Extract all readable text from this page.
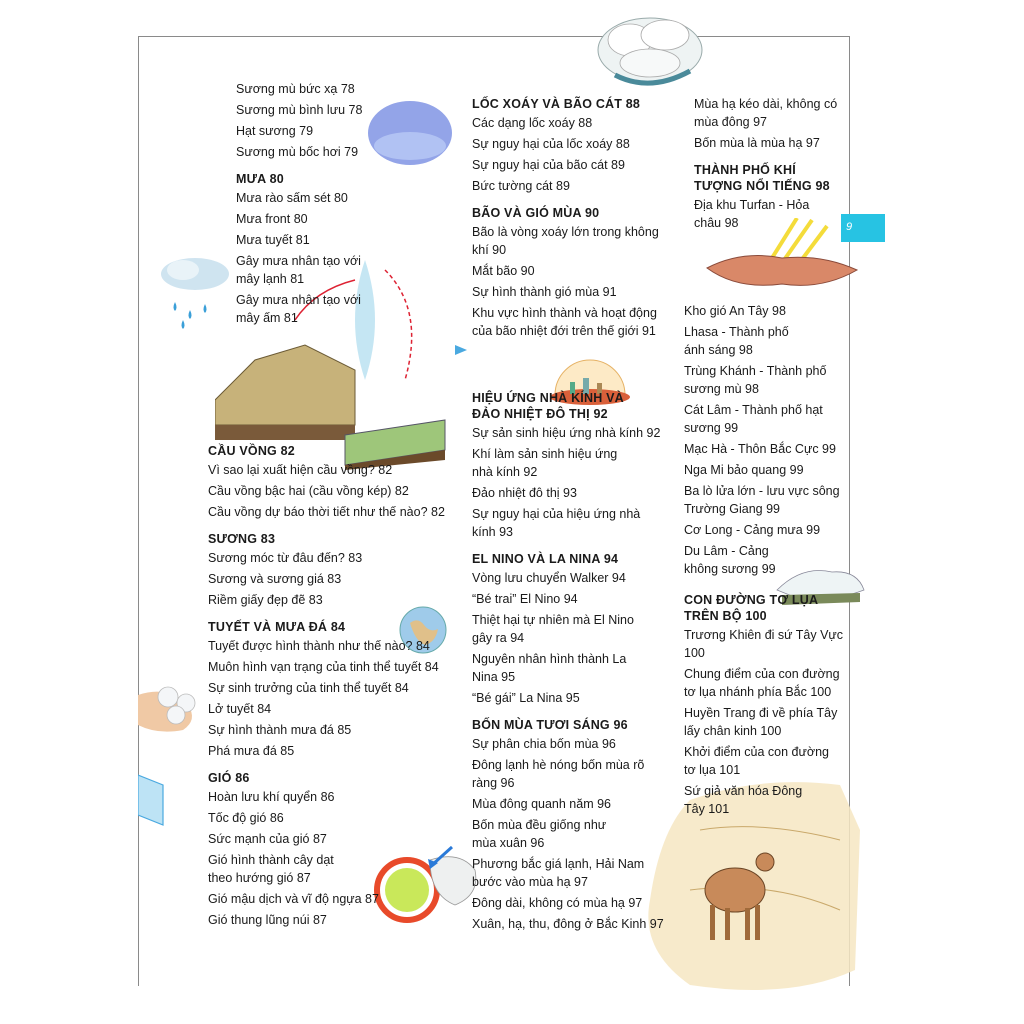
9
Sương mù bức xạ 78
Sương mù bình lưu 78
Hạt sương 79
Sương mù bốc hơi 79
MƯA 80
Mưa rào sấm sét 80
Mưa front 80
Mưa tuyết 81
Gây mưa nhân tạo với mây lạnh 81
Gây mưa nhân tạo với mây ấm 81
CẦU VỒNG 82
Vì sao lại xuất hiện cầu vồng? 82
Cầu vồng bậc hai (cầu vồng kép) 82
Cầu vồng dự báo thời tiết như thế nào? 82
SƯƠNG 83
Sương móc từ đâu đến? 83
Sương và sương giá 83
Riềm giấy đẹp đẽ 83
TUYẾT VÀ MƯA ĐÁ 84
Tuyết được hình thành như thế nào? 84
Muôn hình vạn trạng của tinh thể tuyết 84
Sự sinh trưởng của tinh thể tuyết 84
Lở tuyết 84
Sự hình thành mưa đá 85
Phá mưa đá 85
GIÓ 86
Hoàn lưu khí quyển 86
Tốc độ gió 86
Sức mạnh của gió 87
Gió hình thành cây dạt theo hướng gió 87
Gió mậu dịch và vĩ độ ngựa 87
Gió thung lũng núi 87
LỐC XOÁY VÀ BÃO CÁT 88
Các dạng lốc xoáy 88
Sự nguy hại của lốc xoáy 88
Sự nguy hại của bão cát 89
Bức tường cát 89
BÃO VÀ GIÓ MÙA 90
Bão là vòng xoáy lớn trong không khí 90
Mắt bão 90
Sự hình thành gió mùa 91
Khu vực hình thành và hoạt động của bão nhiệt đới trên thế giới 91
HIỆU ỨNG NHÀ KÍNH VÀ ĐẢO NHIỆT ĐÔ THỊ 92
Sự sản sinh hiệu ứng nhà kính 92
Khí làm sản sinh hiệu ứng nhà kính 92
Đảo nhiệt đô thị 93
Sự nguy hại của hiệu ứng nhà kính 93
EL NINO VÀ LA NINA 94
Vòng lưu chuyển Walker 94
“Bé trai” El Nino 94
Thiệt hại tự nhiên mà El Nino gây ra 94
Nguyên nhân hình thành La Nina 95
“Bé gái” La Nina 95
BỐN MÙA TƯƠI SÁNG 96
Sự phân chia bốn mùa 96
Đông lạnh hè nóng bốn mùa rõ ràng 96
Mùa đông quanh năm 96
Bốn mùa đều giống như mùa xuân 96
Phương bắc giá lạnh, Hải Nam bước vào mùa hạ 97
Đông dài, không có mùa hạ 97
Xuân, hạ, thu, đông ở Bắc Kinh 97
Mùa hạ kéo dài, không có mùa đông 97
Bốn mùa là mùa hạ 97
THÀNH PHỐ KHÍ TƯỢNG NỔI TIẾNG 98
Địa khu Turfan - Hỏa châu 98
Kho gió An Tây 98
Lhasa - Thành phố ánh sáng 98
Trùng Khánh - Thành phố sương mù 98
Cát Lâm - Thành phố hạt sương 99
Mạc Hà - Thôn Bắc Cực 99
Nga Mi bảo quang 99
Ba lò lửa lớn - lưu vực sông Trường Giang 99
Cơ Long - Cảng mưa 99
Du Lâm - Cảng không sương 99
CON ĐƯỜNG TƠ LỤA TRÊN BỘ 100
Trương Khiên đi sứ Tây Vực 100
Chung điểm của con đường tơ lụa nhánh phía Bắc 100
Huyền Trang đi về phía Tây lấy chân kinh 100
Khởi điểm của con đường tơ lụa 101
Sứ giả văn hóa Đông Tây 101
